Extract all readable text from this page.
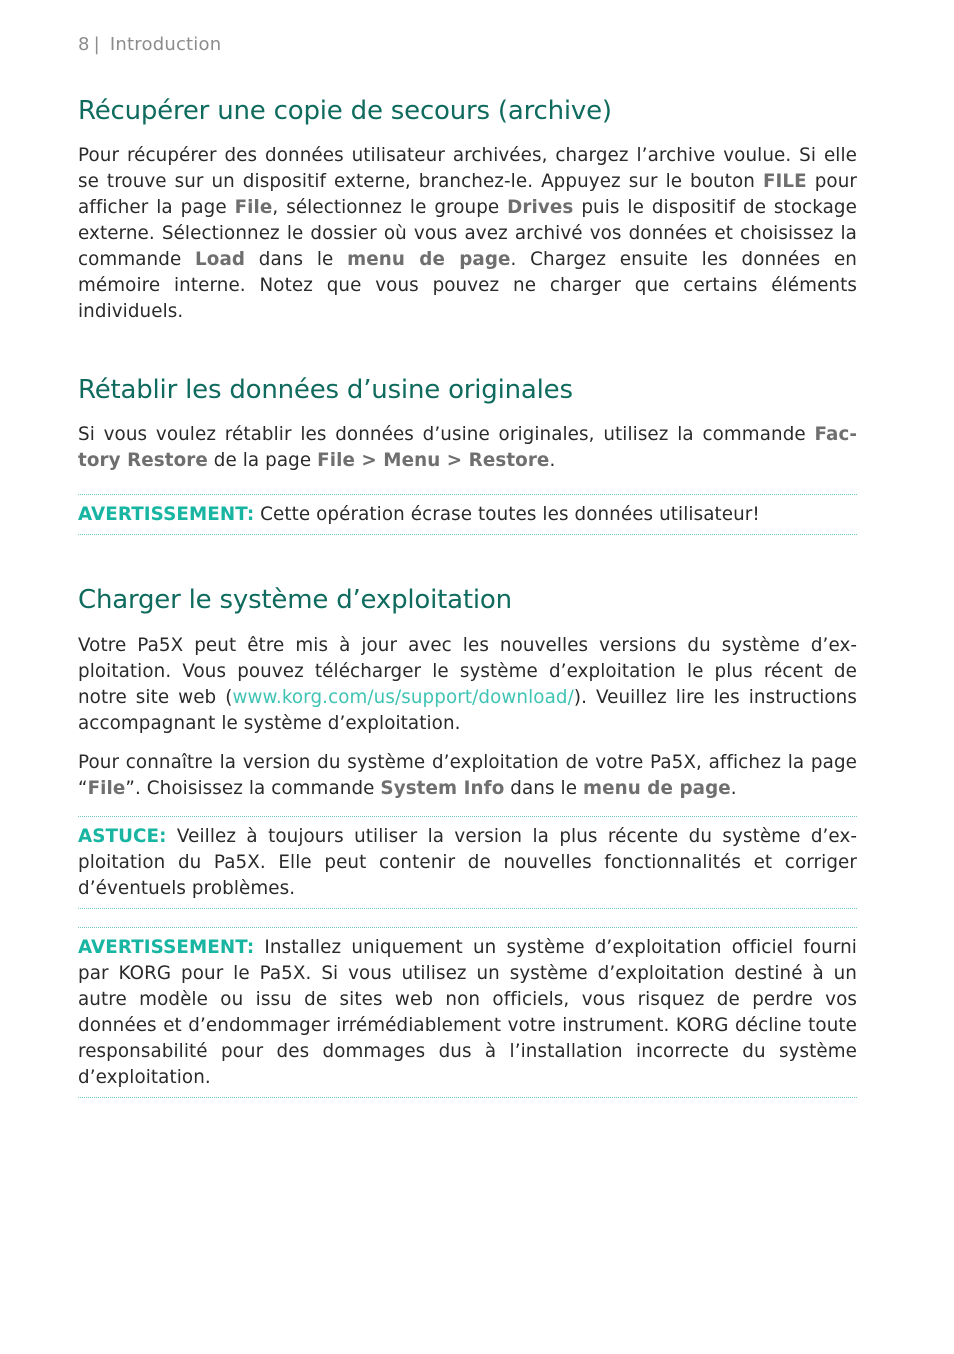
8 | Introduction
Récupérer une copie de secours (archive)

Pour récupérer des données utilisateur archivées, chargez l’archive voulue. Si elle se trouve sur un dispositif externe, branchez-le. Appuyez sur le bouton FILE pour afficher la page File, sélectionnez le groupe Drives puis le dispositif de stockage externe. Sélectionnez le dossier où vous avez archivé vos données et choisissez la commande Load dans le menu de page. Chargez ensuite les données en mémoire interne. Notez que vous pouvez ne charger que certains éléments individuels.

Rétablir les données d’usine originales

Si vous voulez rétablir les données d’usine originales, utilisez la commande Factory Restore de la page File > Menu > Restore.

AVERTISSEMENT: Cette opération écrase toutes les données utilisateur!

Charger le système d’exploitation

Votre Pa5X peut être mis à jour avec les nouvelles versions du système d’exploitation. Vous pouvez télécharger le système d’exploitation le plus récent de notre site web (www.korg.com/us/support/download/). Veuillez lire les instructions accompagnant le système d’exploitation.

Pour connaître la version du système d’exploitation de votre Pa5X, affichez la page “File”. Choisissez la commande System Info dans le menu de page.

ASTUCE: Veillez à toujours utiliser la version la plus récente du système d’exploitation du Pa5X. Elle peut contenir de nouvelles fonctionnalités et corriger d’éventuels problèmes.

AVERTISSEMENT: Installez uniquement un système d’exploitation officiel fourni par KORG pour le Pa5X. Si vous utilisez un système d’exploitation destiné à un autre modèle ou issu de sites web non officiels, vous risquez de perdre vos données et d’endommager irrémédiablement votre instrument. KORG décline toute responsabilité pour des dommages dus à l’installation incorrecte du système d’exploitation.
